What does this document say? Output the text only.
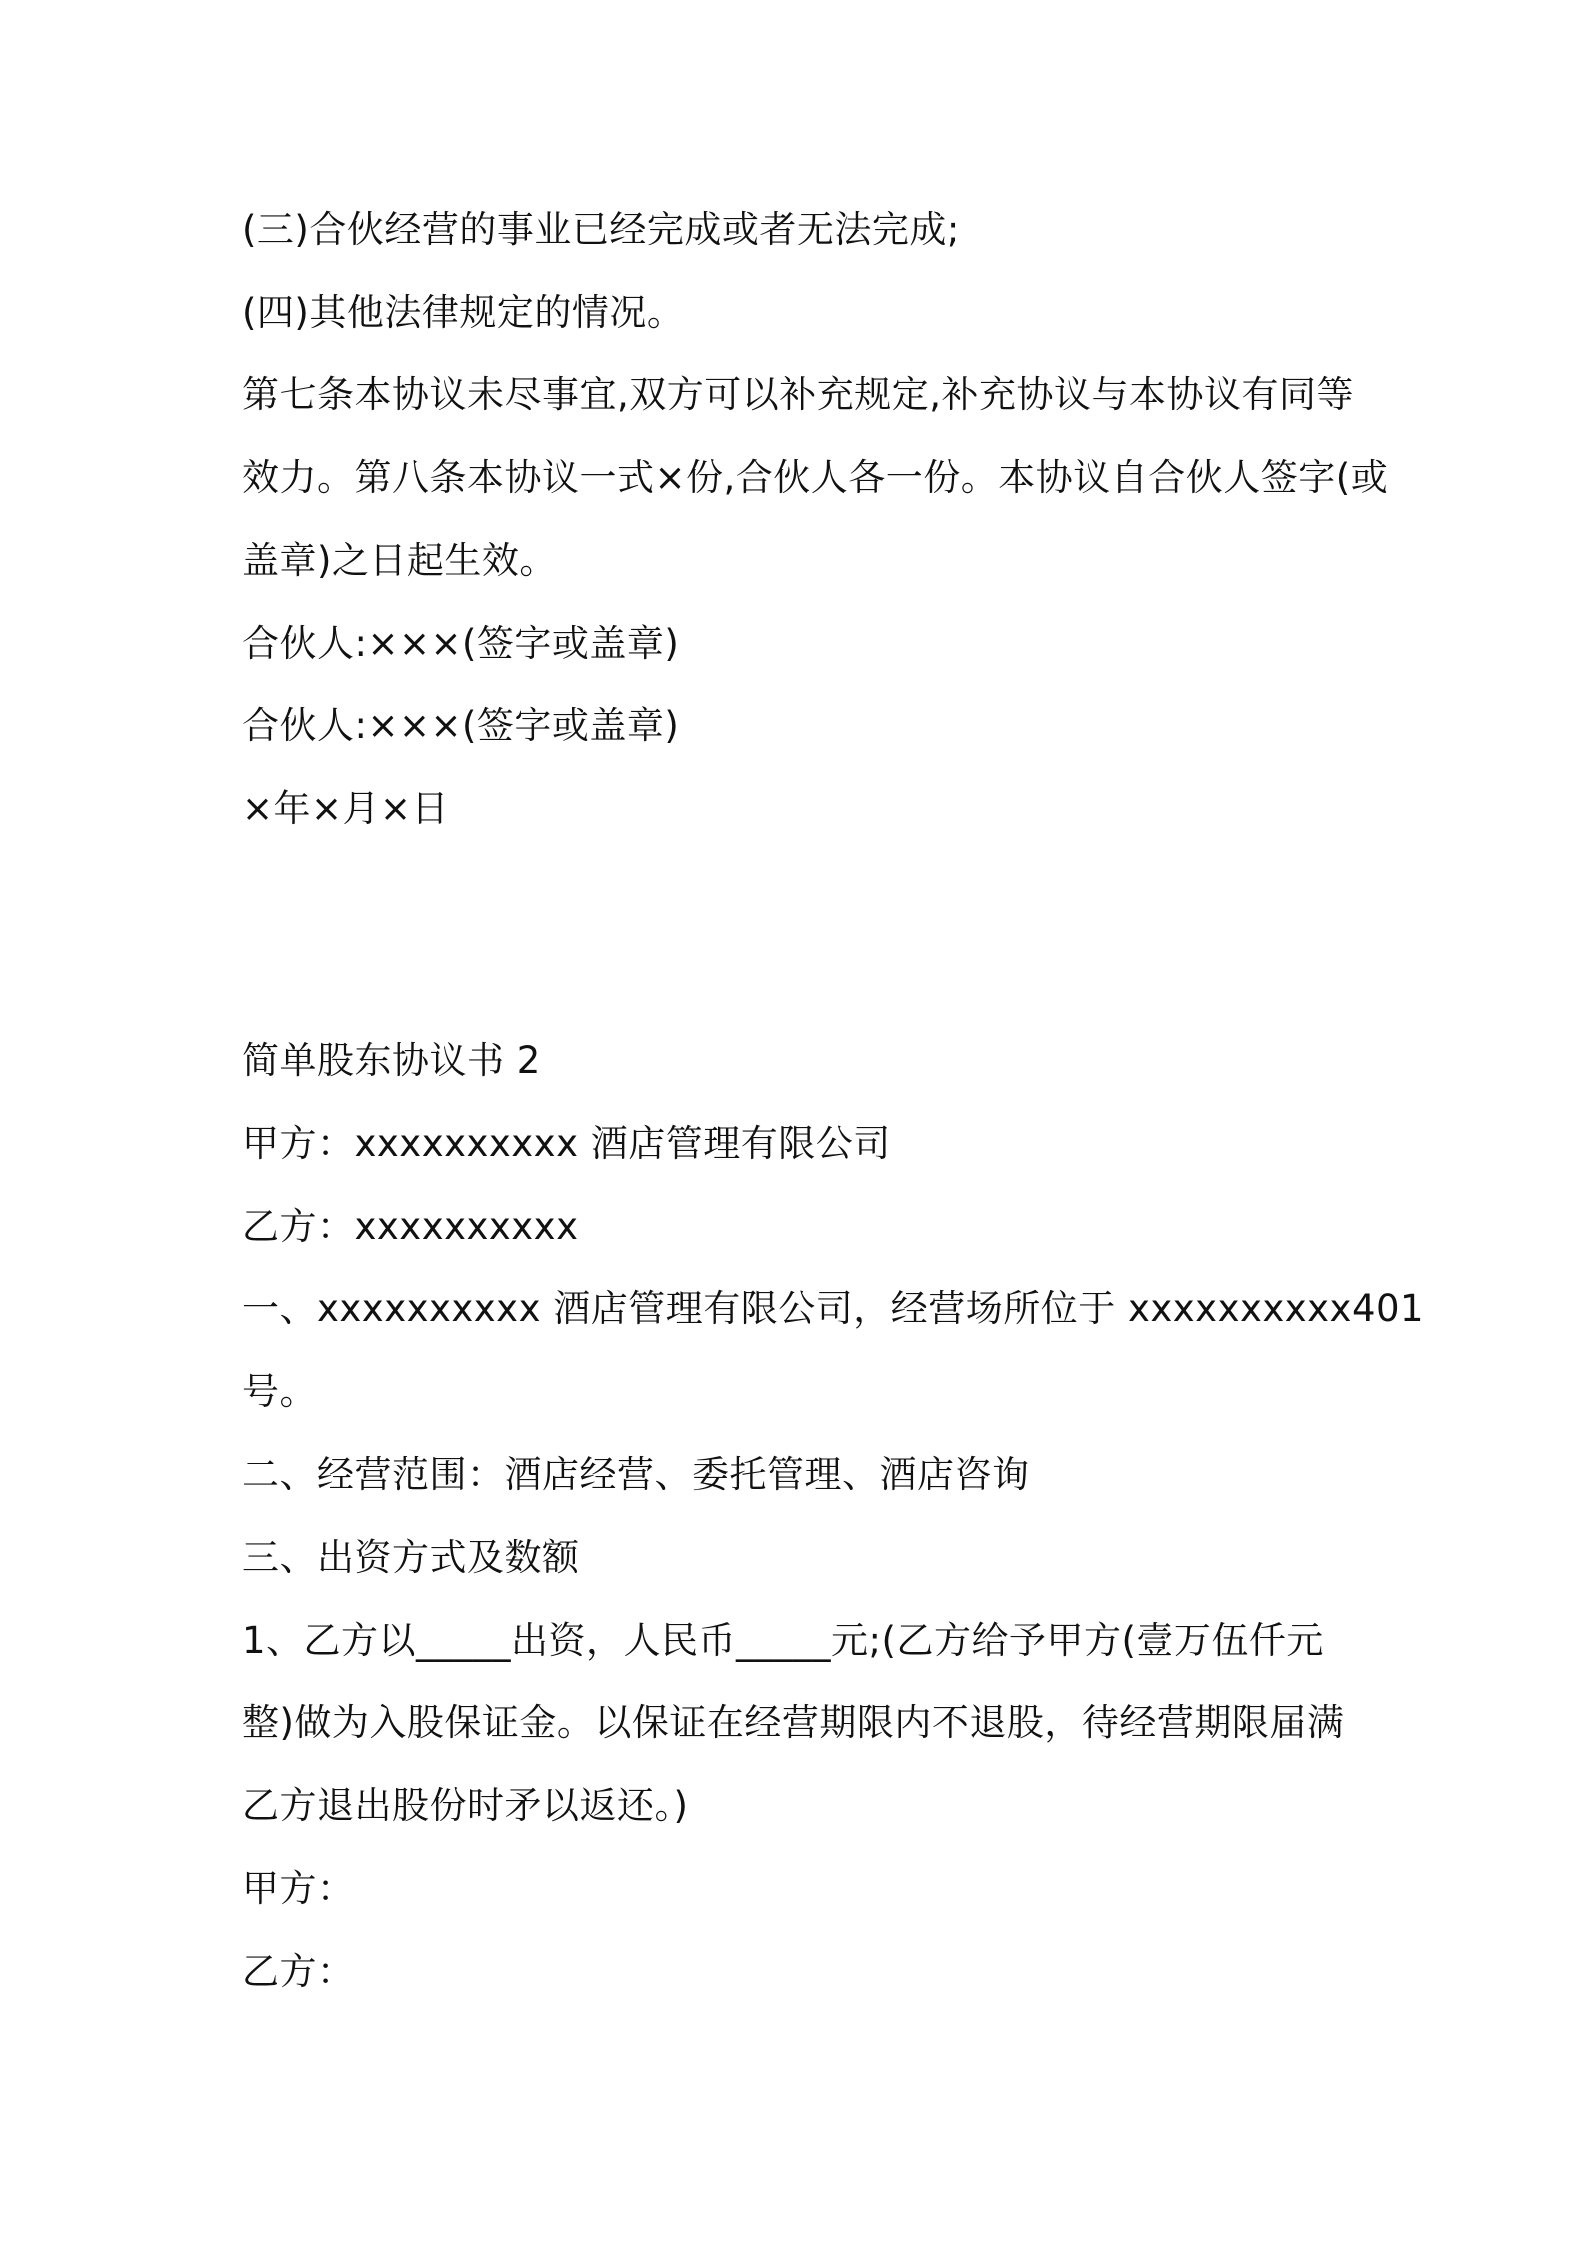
(三)合伙经营的事业已经完成或者无法完成;
(四)其他法律规定的情况。
第七条本协议未尽事宜,双方可以补充规定,补充协议与本协议有同等
效力。第八条本协议一式×份,合伙人各一份。本协议自合伙人签字(或
盖章)之日起生效。
合伙人:×××(签字或盖章)
合伙人:×××(签字或盖章)
×年×月×日
简单股东协议书 2
甲方：xxxxxxxxxx 酒店管理有限公司
乙方：xxxxxxxxxx
一、xxxxxxxxxx 酒店管理有限公司，经营场所位于 xxxxxxxxxx401
号。
二、经营范围：酒店经营、委托管理、酒店咨询
三、出资方式及数额
1、乙方以_____出资，人民币_____元;(乙方给予甲方(壹万伍仟元
整)做为入股保证金。以保证在经营期限内不退股，待经营期限届满
乙方退出股份时矛以返还。)
甲方：
乙方：
